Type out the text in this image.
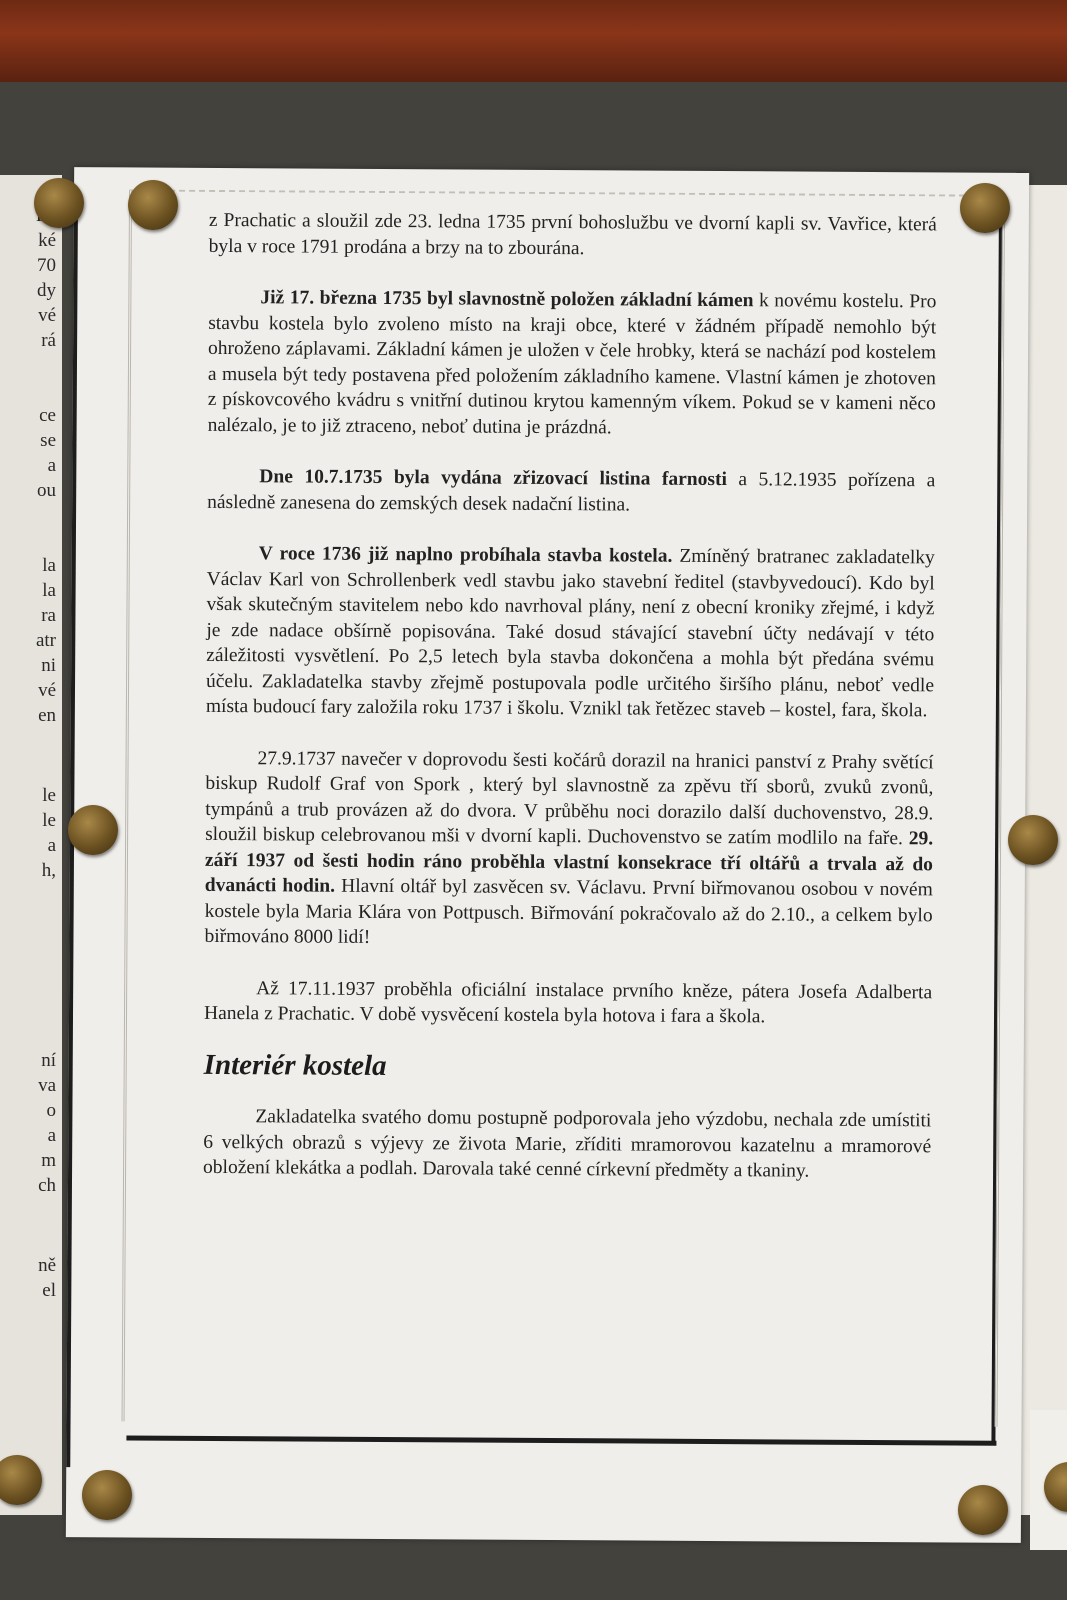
ké
70
dy
vé
rá
ce
se
a
ou
la
la
ra
atr
ni
vé
en
le
le
a
h,
ní
va
o
a
m
ch
ně
el

z Prachatic a sloužil zde 23. ledna 1735 první bohoslužbu ve dvorní kapli sv. Vavřice, která byla v roce 1791 prodána a brzy na to zbourána.

Již 17. března 1735 byl slavnostně položen základní kámen k novému kostelu. Pro stavbu kostela bylo zvoleno místo na kraji obce, které v žádném případě nemohlo být ohroženo záplavami. Základní kámen je uložen v čele hrobky, která se nachází pod kostelem a musela být tedy postavena před položením základního kamene. Vlastní kámen je zhotoven z pískovcového kvádru s vnitřní dutinou krytou kamenným víkem. Pokud se v kameni něco nalézalo, je to již ztraceno, neboť dutina je prázdná.

Dne 10.7.1735 byla vydána zřizovací listina farnosti a 5.12.1935 pořízena a následně zanesena do zemských desek nadační listina.

V roce 1736 již naplno probíhala stavba kostela. Zmíněný bratranec zakladatelky Václav Karl von Schrollenberk vedl stavbu jako stavební ředitel (stavbyvedoucí). Kdo byl však skutečným stavitelem nebo kdo navrhoval plány, není z obecní kroniky zřejmé, i když je zde nadace obšírně popisována. Také dosud stávající stavební účty nedávají v této záležitosti vysvětlení. Po 2,5 letech byla stavba dokončena a mohla být předána svému účelu. Zakladatelka stavby zřejmě postupovala podle určitého širšího plánu, neboť vedle místa budoucí fary založila roku 1737 i školu. Vznikl tak řetězec staveb – kostel, fara, škola.

27.9.1737 navečer v doprovodu šesti kočárů dorazil na hranici panství z Prahy světící biskup Rudolf Graf von Spork , který byl slavnostně za zpěvu tří sborů, zvuků zvonů, tympánů a trub provázen až do dvora. V průběhu noci dorazilo další duchovenstvo, 28.9. sloužil biskup celebrovanou mši v dvorní kapli. Duchovenstvo se zatím modlilo na faře. 29. září 1937 od šesti hodin ráno proběhla vlastní konsekrace tří oltářů a trvala až do dvanácti hodin. Hlavní oltář byl zasvěcen sv. Václavu. První biřmovanou osobou v novém kostele byla Maria Klára von Pottpusch. Biřmování pokračovalo až do 2.10., a celkem bylo biřmováno 8000 lidí!

Až 17.11.1937 proběhla oficiální instalace prvního kněze, pátera Josefa Adalberta Hanela z Prachatic. V době vysvěcení kostela byla hotova i fara a škola.

Interiér kostela

Zakladatelka svatého domu postupně podporovala jeho výzdobu, nechala zde umístiti 6 velkých obrazů s výjevy ze života Marie, zříditi mramorovou kazatelnu a mramorové obložení klekátka a podlah. Darovala také cenné církevní předměty a tkaniny.
